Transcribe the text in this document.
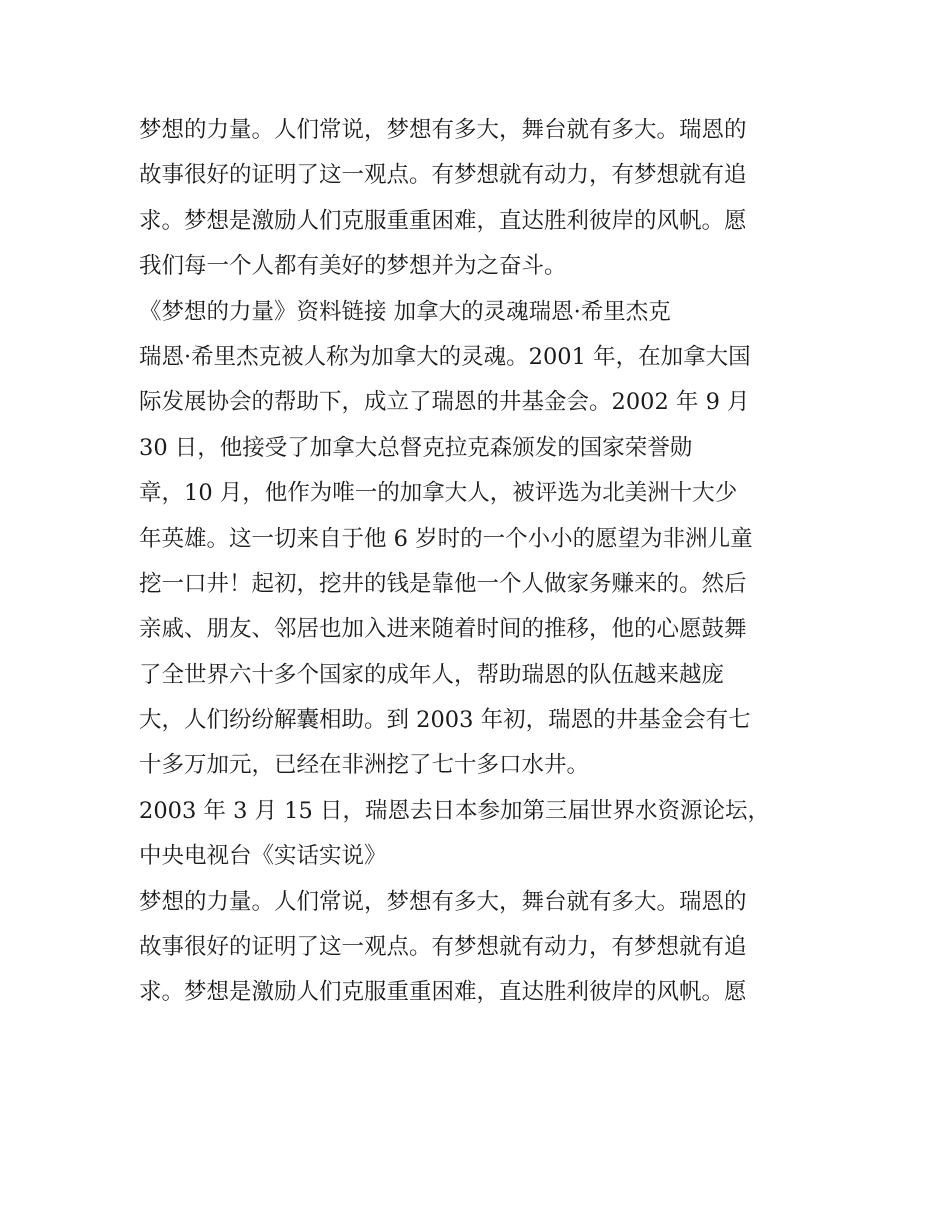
梦想的力量。人们常说，梦想有多大，舞台就有多大。瑞恩的
故事很好的证明了这一观点。有梦想就有动力，有梦想就有追
求。梦想是激励人们克服重重困难，直达胜利彼岸的风帆。愿
我们每一个人都有美好的梦想并为之奋斗。
《梦想的力量》资料链接 加拿大的灵魂瑞恩·希里杰克
瑞恩·希里杰克被人称为加拿大的灵魂。2001 年，在加拿大国
际发展协会的帮助下，成立了瑞恩的井基金会。2002 年 9 月
30 日，他接受了加拿大总督克拉克森颁发的国家荣誉勋
章，10 月，他作为唯一的加拿大人，被评选为北美洲十大少
年英雄。这一切来自于他 6 岁时的一个小小的愿望为非洲儿童
挖一口井！起初，挖井的钱是靠他一个人做家务赚来的。然后
亲戚、朋友、邻居也加入进来随着时间的推移，他的心愿鼓舞
了全世界六十多个国家的成年人，帮助瑞恩的队伍越来越庞
大，人们纷纷解囊相助。到 2003 年初，瑞恩的井基金会有七
十多万加元，已经在非洲挖了七十多口水井。
2003 年 3 月 15 日，瑞恩去日本参加第三届世界水资源论坛，
中央电视台《实话实说》
梦想的力量。人们常说，梦想有多大，舞台就有多大。瑞恩的
故事很好的证明了这一观点。有梦想就有动力，有梦想就有追
求。梦想是激励人们克服重重困难，直达胜利彼岸的风帆。愿
